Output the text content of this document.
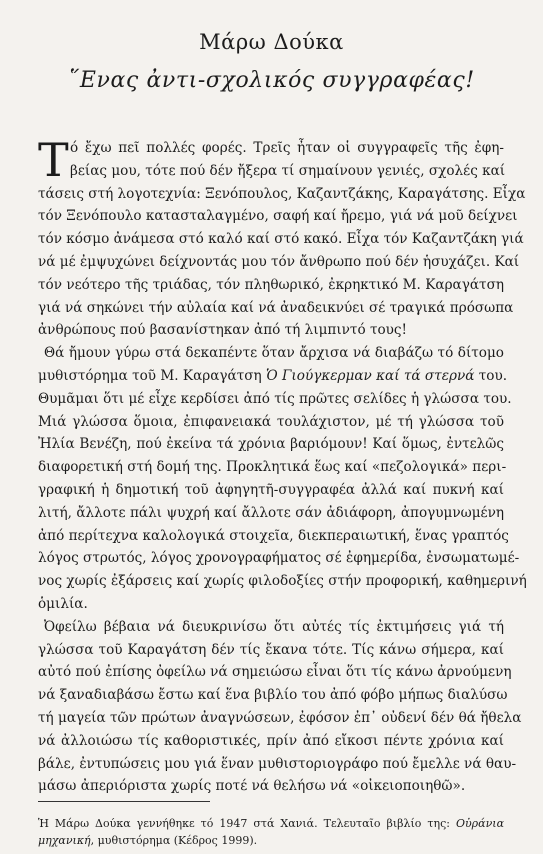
Μάρω Δούκα
῞Ενας ἀντι-σχολικός συγγραφέας!
Τ ό ἔχω πεῖ πολλές φορές. Τρεῖς ἦταν οἱ συγγραφεῖς τῆς ἐφη-
βείας μου, τότε πού δέν ἤξερα τί σημαίνουν γενιές, σχολές καί
τάσεις στή λογοτεχνία: Ξενόπουλος, Καζαντζάκης, Καραγάτσης. Εἶχα
τόν Ξενόπουλο κατασταλαγμένο, σαφή καί ἤρεμο, γιά νά μοῦ δείχνει
τόν κόσμο ἀνάμεσα στό καλό καί στό κακό. Εἶχα τόν Καζαντζάκη γιά
νά μέ ἐμψυχώνει δείχνοντάς μου τόν ἄνθρωπο πού δέν ἡσυχάζει. Καί
τόν νεότερο τῆς τριάδας, τόν πληθωρικό, ἐκρηκτικό Μ. Καραγάτση
γιά νά σηκώνει τήν αὐλαία καί νά ἀναδεικνύει σέ τραγικά πρόσωπα
ἀνθρώπους πού βασανίστηκαν ἀπό τή λιμπιντό τους!
Θά ἤμουν γύρω στά δεκαπέντε ὅταν ἄρχισα νά διαβάζω τό δίτομο
μυθιστόρημα τοῦ Μ. Καραγάτση Ὁ Γιούγκερμαν καί τά στερνά του.
Θυμᾶμαι ὅτι μέ εἶχε κερδίσει ἀπό τίς πρῶτες σελίδες ἡ γλώσσα του.
Μιά γλώσσα ὅμοια, ἐπιφανειακά τουλάχιστον, μέ τή γλώσσα τοῦ
Ἠλία Βενέζη, πού ἐκείνα τά χρόνια βαριόμουν! Καί ὅμως, ἐντελῶς
διαφορετική στή δομή της. Προκλητικά ἕως καί «πεζολογικά» περι-
γραφική ἡ δημοτική τοῦ ἀφηγητῆ-συγγραφέα ἀλλά καί πυκνή καί
λιτή, ἄλλοτε πάλι ψυχρή καί ἄλλοτε σάν ἀδιάφορη, ἀπογυμνωμένη
ἀπό περίτεχνα καλολογικά στοιχεῖα, διεκπεραιωτική, ἕνας γραπτός
λόγος στρωτός, λόγος χρονογραφήματος σέ ἐφημερίδα, ἐνσωματωμέ-
νος χωρίς ἐξάρσεις καί χωρίς φιλοδοξίες στήν προφορική, καθημερινή
ὁμιλία.
Ὀφείλω βέβαια νά διευκρινίσω ὅτι αὐτές τίς ἐκτιμήσεις γιά τή
γλώσσα τοῦ Καραγάτση δέν τίς ἔκανα τότε. Τίς κάνω σήμερα, καί
αὐτό πού ἐπίσης ὀφείλω νά σημειώσω εἶναι ὅτι τίς κάνω ἀρνούμενη
νά ξαναδιαβάσω ἔστω καί ἕνα βιβλίο του ἀπό φόβο μήπως διαλύσω
τή μαγεία τῶν πρώτων ἀναγνώσεων, ἐφόσον ἐπ᾿ οὐδενί δέν θά ἤθελα
νά ἀλλοιώσω τίς καθοριστικές, πρίν ἀπό εἴκοσι πέντε χρόνια καί
βάλε, ἐντυπώσεις μου γιά ἕναν μυθιστοριογράφο πού ἔμελλε νά θαυ-
μάσω ἀπεριόριστα χωρίς ποτέ νά θελήσω νά «οἰκειοποιηθῶ».
Ἡ Μάρω Δούκα γεννήθηκε τό 1947 στά Χανιά. Τελευταῖο βιβλίο της: Οὐράνια
μηχανική, μυθιστόρημα (Κέδρος 1999).
